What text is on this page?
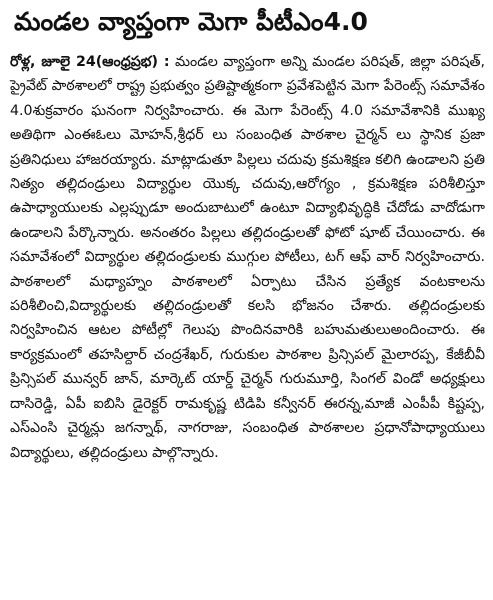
మండల వ్యాప్తంగా మెగా పీటీఎం4.0

రోళ్ల, జూలై 24(ఆంధ్రప్రభ) : మండల వ్యాప్తంగా అన్ని మండల పరిషత్, జిల్లా పరిషత్, ప్రైవేట్ పాఠశాలలో రాష్ట్ర ప్రభుత్వం ప్రతిష్టాత్మకంగా ప్రవేశపెట్టిన మెగా పేరెంట్స్ సమావేశం 4.0శుక్రవారం ఘనంగా నిర్వహించారు. ఈ మెగా పేరెంట్స్ 4.0 సమావేశానికి ముఖ్య అతిథిగా ఎంఈఓలు మోహన్,శ్రీధర్ లు సంబంధిత పాఠశాల చైర్మన్ లు స్థానిక ప్రజా ప్రతినిధులు హాజరయ్యారు. మాట్లాడుతూ పిల్లలు చదువు క్రమశిక్షణ కలిగి ఉండాలని ప్రతి నిత్యం తల్లిదండ్రులు విద్యార్థుల యొక్క చదువు,ఆరోగ్యం , క్రమశిక్షణ పరిశీలిస్తూ ఉపాధ్యాయులకు ఎల్లప్పుడూ అందుబాటులో ఉంటూ విద్యాభివృద్ధికి చేదోడు వాదోడుగా ఉండాలని పేర్కొన్నారు. అనంతరం పిల్లలు తల్లిదండ్రులతో ఫోటో షూట్ చేయించారు. ఈ సమావేశంలో విద్యార్థుల తల్లిదండ్రులకు ముగ్గుల పోటీలు, టగ్ ఆఫ్ వార్ నిర్వహించారు. పాఠశాలలో మధ్యాహ్నం పాఠశాలలో ఏర్పాటు చేసిన ప్రత్యేక వంటకాలను పరిశీలించి,విద్యార్థులకు తల్లిదండ్రులతో కలసి భోజనం చేశారు. తల్లిదండ్రులకు నిర్వహించిన ఆటల పోటీల్లో గెలుపు పొందినవారికి బహుమతులుఅందించారు. ఈ కార్యక్రమంలో తహసిల్దార్ చంద్రశేఖర్, గురుకుల పాఠశాల ప్రిన్సిపల్ మైలారప్ప, కేజీబీవీ ప్రిన్సిపల్ మున్వర్ జాన్, మార్కెట్ యార్డ్ చైర్మన్ గురుమూర్తి, సింగల్ విండో అధ్యక్షులు దాసిరెడ్డి, ఏపీ ఐబిసి డైరెక్టర్ రామకృష్ణ టిడిపి కన్వీనర్ ఈరన్న,మాజీ ఎంపీపీ కిష్టప్ప, ఎస్ఎంసి చైర్మన్లు జగన్నాథ్, నాగరాజు, సంబంధిత పాఠశాలల ప్రధానోపాధ్యాయులు విద్యార్థులు, తల్లిదండ్రులు పాల్గొన్నారు.
